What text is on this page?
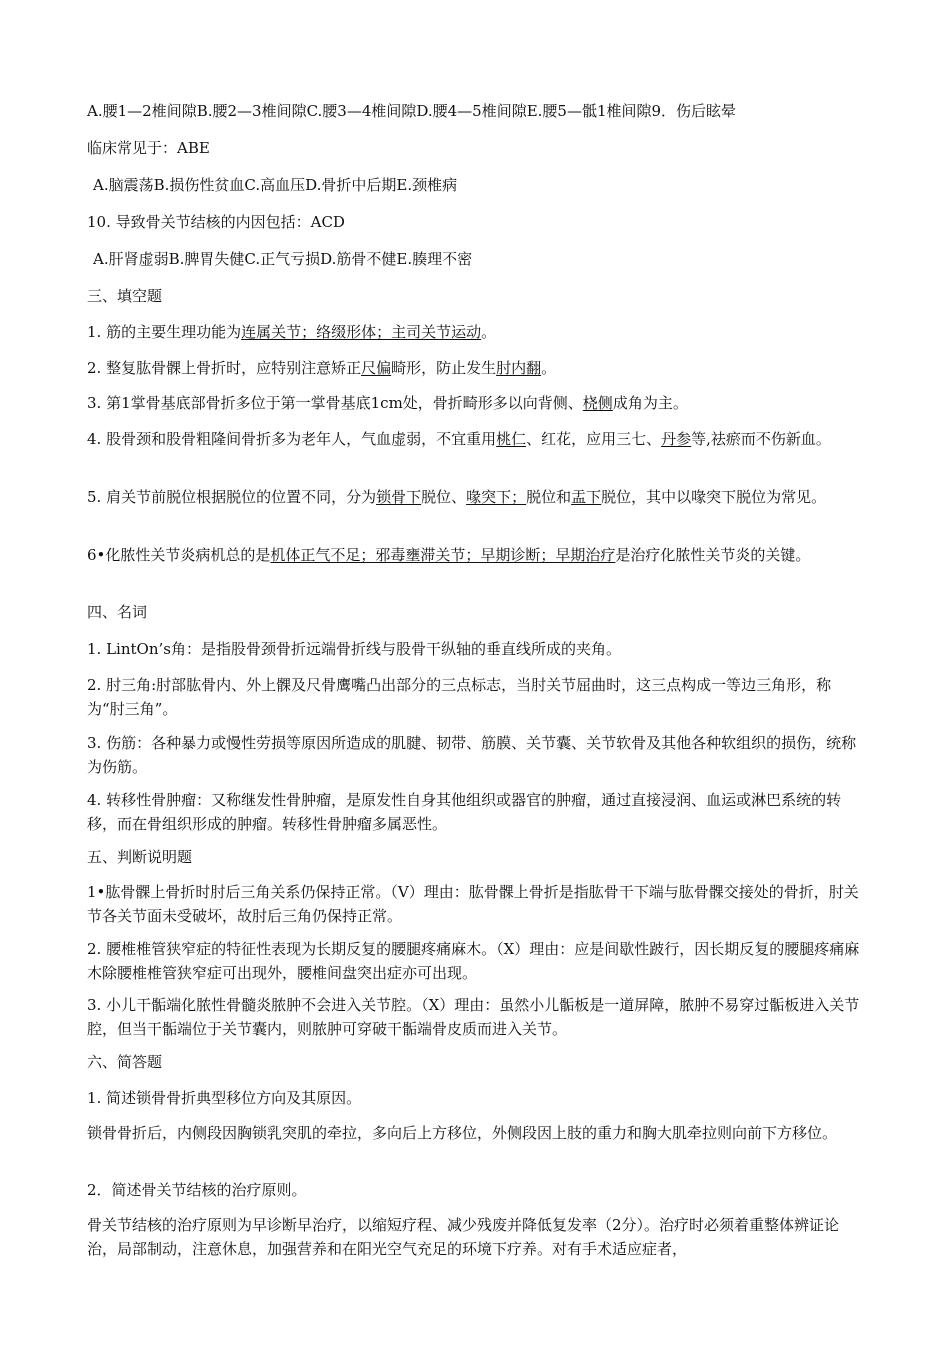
A.腰1—2椎间隙B.腰2—3椎间隙C.腰3—4椎间隙D.腰4—5椎间隙E.腰5—骶1椎间隙9．伤后眩晕

临床常见于：ABE

A.脑震荡B.损伤性贫血C.高血压D.骨折中后期E.颈椎病

10. 导致骨关节结核的内因包括：ACD

A.肝肾虚弱B.脾胃失健C.正气亏损D.筋骨不健E.腠理不密

三、填空题

1. 筋的主要生理功能为连属关节；络缀形体；主司关节运动。

2. 整复肱骨髁上骨折时，应特别注意矫正尺偏畸形，防止发生肘内翻。

3. 第1掌骨基底部骨折多位于第一掌骨基底1cm处，骨折畸形多以向背侧、桡侧成角为主。

4. 股骨颈和股骨粗隆间骨折多为老年人，气血虚弱，不宜重用桃仁、红花，应用三七、丹参等,祛瘀而不伤新血。

5. 肩关节前脱位根据脱位的位置不同，分为锁骨下脱位、喙突下；脱位和盂下脱位，其中以喙突下脱位为常见。

6•化脓性关节炎病机总的是机体正气不足；邪毒壅滞关节；早期诊断；早期治疗是治疗化脓性关节炎的关键。

四、名词

1. LintOn’s角：是指股骨颈骨折远端骨折线与股骨干纵轴的垂直线所成的夹角。

2. 肘三角:肘部肱骨内、外上髁及尺骨鹰嘴凸出部分的三点标志，当肘关节屈曲时，这三点构成一等边三角形，称为“肘三角”。

3. 伤筋：各种暴力或慢性劳损等原因所造成的肌腱、韧带、筋膜、关节囊、关节软骨及其他各种软组织的损伤，统称为伤筋。

4. 转移性骨肿瘤：又称继发性骨肿瘤，是原发性自身其他组织或器官的肿瘤，通过直接浸润、血运或淋巴系统的转移，而在骨组织形成的肿瘤。转移性骨肿瘤多属恶性。

五、判断说明题

1•肱骨髁上骨折时肘后三角关系仍保持正常。（V）理由：肱骨髁上骨折是指肱骨干下端与肱骨髁交接处的骨折，肘关节各关节面未受破坏，故肘后三角仍保持正常。

2. 腰椎椎管狭窄症的特征性表现为长期反复的腰腿疼痛麻木。（X）理由：应是间歇性跛行，因长期反复的腰腿疼痛麻木除腰椎椎管狭窄症可出现外，腰椎间盘突出症亦可出现。

3. 小儿干骺端化脓性骨髓炎脓肿不会进入关节腔。（X）理由：虽然小儿骺板是一道屏障，脓肿不易穿过骺板进入关节腔，但当干骺端位于关节囊内，则脓肿可穿破干骺端骨皮质而进入关节。

六、简答题

1. 简述锁骨骨折典型移位方向及其原因。

锁骨骨折后，内侧段因胸锁乳突肌的牵拉，多向后上方移位，外侧段因上肢的重力和胸大肌牵拉则向前下方移位。

2．简述骨关节结核的治疗原则。

骨关节结核的治疗原则为早诊断早治疗，以缩短疗程、减少残废并降低复发率（2分）。治疗时必须着重整体辨证论治，局部制动，注意休息，加强营养和在阳光空气充足的环境下疗养。对有手术适应症者，
